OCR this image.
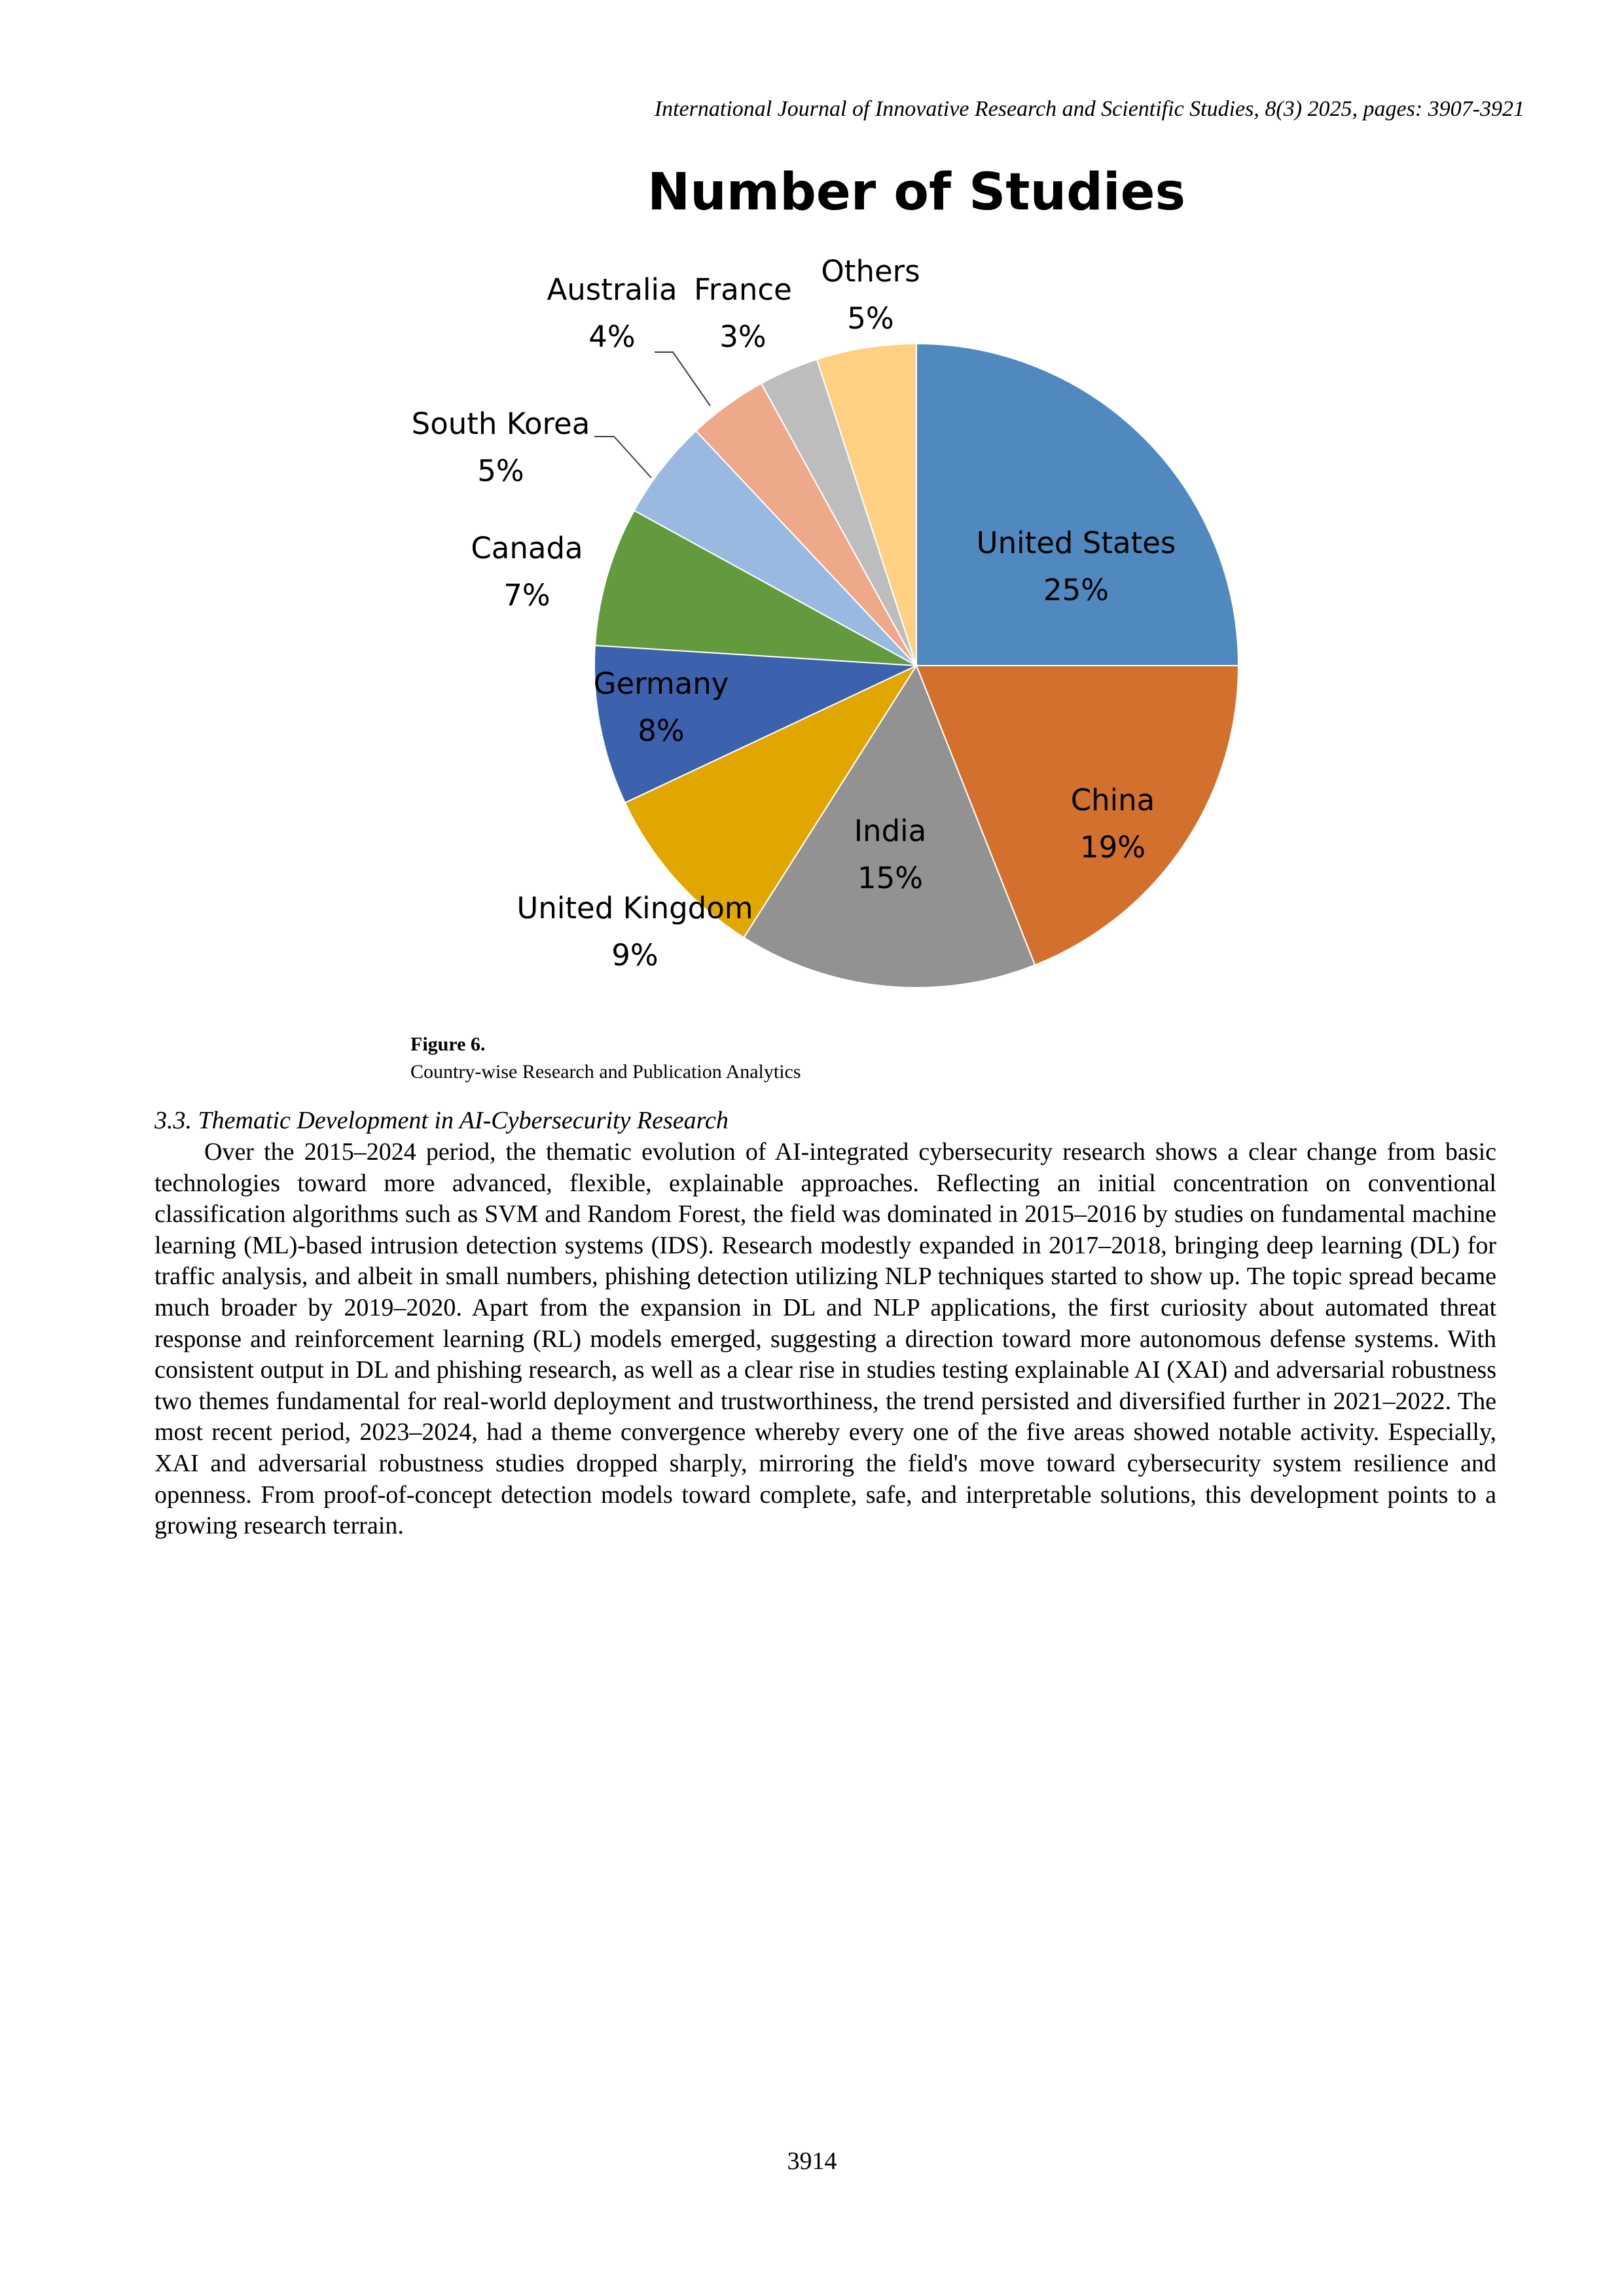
International Journal of Innovative Research and Scientific Studies, 8(3) 2025, pages: 3907-3921
Number of Studies
United States
25%
China
19%
India
15%
United Kingdom
9%
Germany
8%
Canada
7%
South Korea
5%
Australia
4%
France
3%
Others
5%
Figure 6.
Country-wise Research and Publication Analytics
3.3. Thematic Development in AI-Cybersecurity Research

Over the 2015–2024 period, the thematic evolution of AI-integrated cybersecurity research shows a clear change from basic technologies toward more advanced, flexible, explainable approaches. Reflecting an initial concentration on conventional classification algorithms such as SVM and Random Forest, the field was dominated in 2015–2016 by studies on fundamental machine learning (ML)-based intrusion detection systems (IDS). Research modestly expanded in 2017–2018, bringing deep learning (DL) for traffic analysis, and albeit in small numbers, phishing detection utilizing NLP techniques started to show up. The topic spread became much broader by 2019–2020. Apart from the expansion in DL and NLP applications, the first curiosity about automated threat response and reinforcement learning (RL) models emerged, suggesting a direction toward more autonomous defense systems. With consistent output in DL and phishing research, as well as a clear rise in studies testing explainable AI (XAI) and adversarial robustness two themes fundamental for real-world deployment and trustworthiness, the trend persisted and diversified further in 2021–2022. The most recent period, 2023–2024, had a theme convergence whereby every one of the five areas showed notable activity. Especially, XAI and adversarial robustness studies dropped sharply, mirroring the field's move toward cybersecurity system resilience and openness. From proof-of-concept detection models toward complete, safe, and interpretable solutions, this development points to a growing research terrain.

3914
